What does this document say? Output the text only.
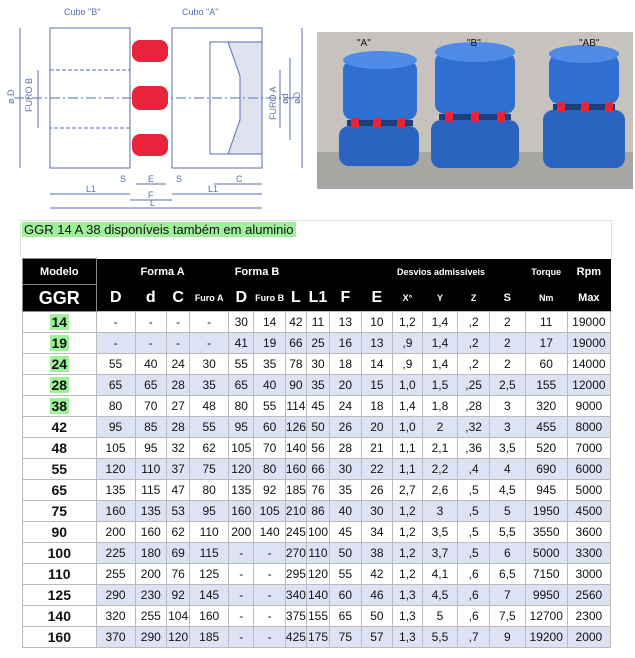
Cubo "B"	Cubo "A"
ø D FURO B	FURO A ød øD
L1
S E S	C
L1
F
L
"A"	"B"	"AB"
GGR 14 A 38 disponíveis também em aluminio
Modelo	Forma A				Forma B						Desvios admissíveis				Torque	Rpm
GGR	D	d	C	Furo A	D	Furo B	L	L1	F	E	X°	Y	Z	S	Nm	Max
14	-	-	-	-	30	14	42	11	13	10	1,2	1,4	,2	2	11	19000
19	-	-	-	-	41	19	66	25	16	13	,9	1,4	,2	2	17	19000
24	55	40	24	30	55	35	78	30	18	14	,9	1,4	,2	2	60	14000
28	65	65	28	35	65	40	90	35	20	15	1,0	1,5	,25	2,5	155	12000
38	80	70	27	48	80	55	114	45	24	18	1,4	1,8	,28	3	320	9000
42	95	85	28	55	95	60	126	50	26	20	1,0	2	,32	3	455	8000
48	105	95	32	62	105	70	140	56	28	21	1,1	2,1	,36	3,5	520	7000
55	120	110	37	75	120	80	160	66	30	22	1,1	2,2	,4	4	690	6000
65	135	115	47	80	135	92	185	76	35	26	2,7	2,6	,5	4,5	945	5000
75	160	135	53	95	160	105	210	86	40	30	1,2	3	,5	5	1950	4500
90	200	160	62	110	200	140	245	100	45	34	1,2	3,5	,5	5,5	3550	3600
100	225	180	69	115	-	-	270	110	50	38	1,2	3,7	,5	6	5000	3300
110	255	200	76	125	-	-	295	120	55	42	1,2	4,1	,6	6,5	7150	3000
125	290	230	92	145	-	-	340	140	60	46	1,3	4,5	,6	7	9950	2560
140	320	255	104	160	-	-	375	155	65	50	1,3	5	,6	7,5	12700	2300
160	370	290	120	185	-	-	425	175	75	57	1,3	5,5	,7	9	19200	2000
